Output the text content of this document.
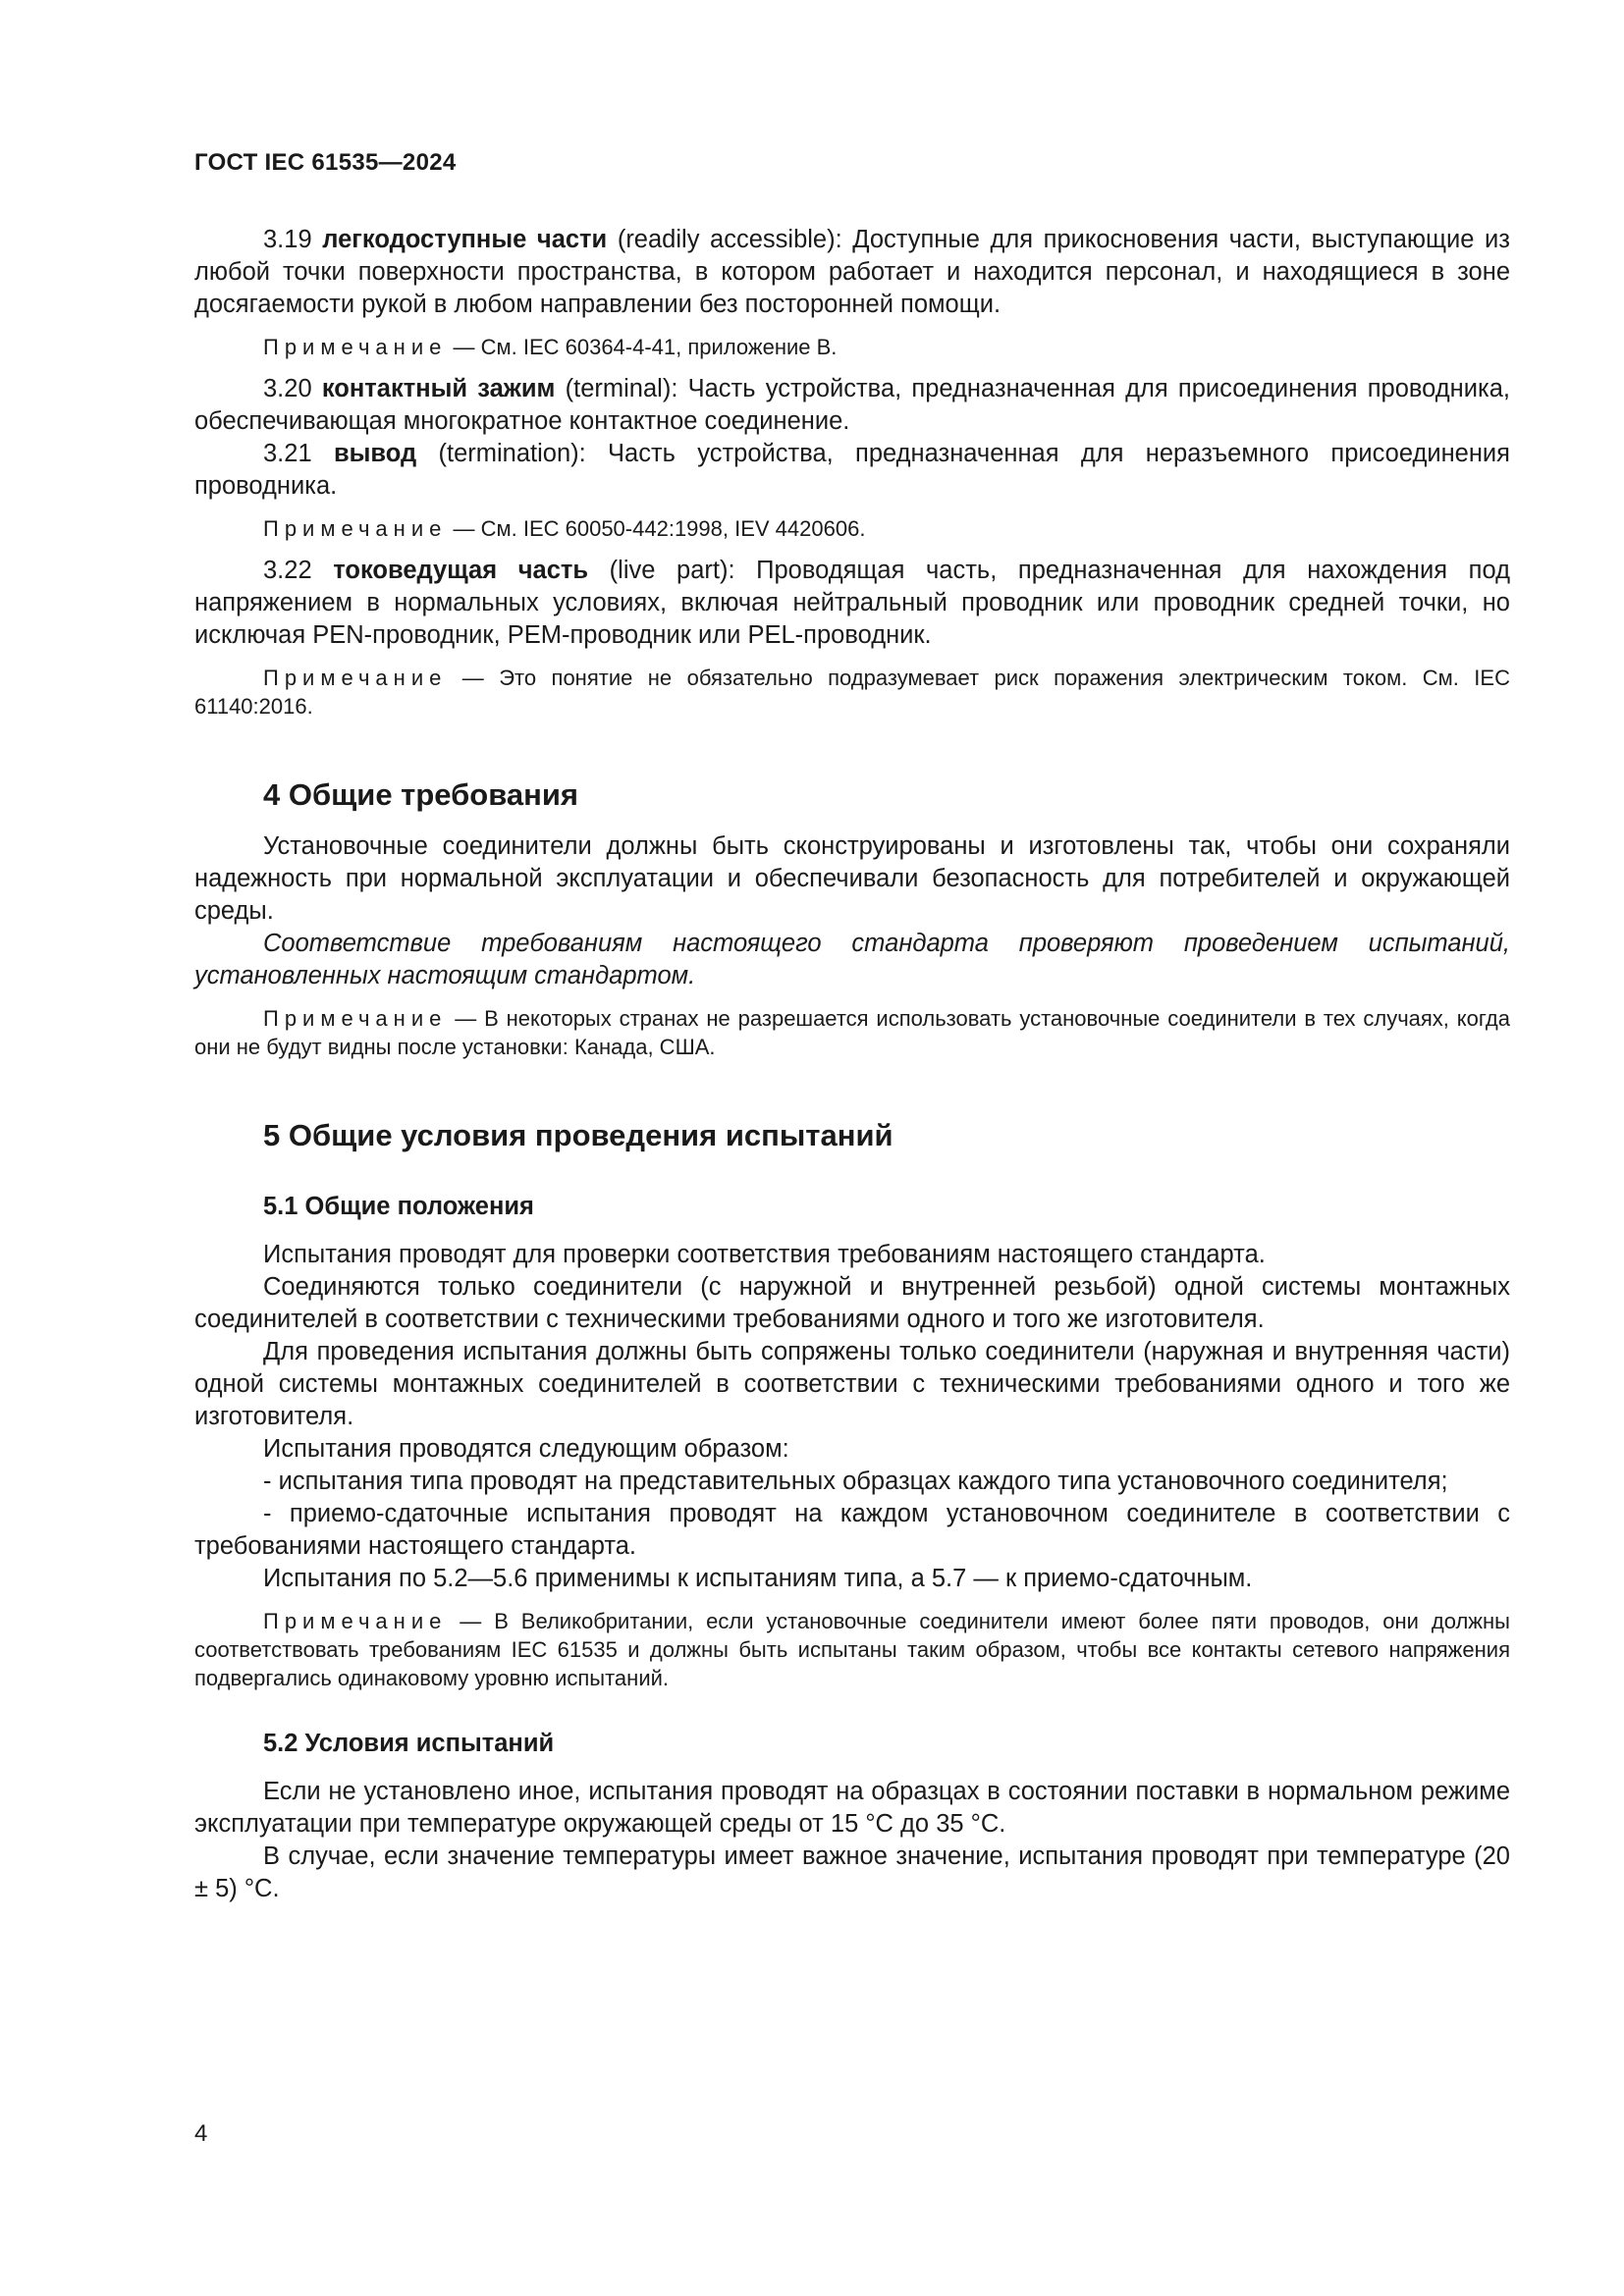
ГОСТ IEC 61535—2024

3.19 легкодоступные части (readily accessible): Доступные для прикосновения части, выступающие из любой точки поверхности пространства, в котором работает и находится персонал, и находящиеся в зоне досягаемости рукой в любом направлении без посторонней помощи.

Примечание — См. IEC 60364-4-41, приложение В.

3.20 контактный зажим (terminal): Часть устройства, предназначенная для присоединения проводника, обеспечивающая многократное контактное соединение.

3.21 вывод (termination): Часть устройства, предназначенная для неразъемного присоединения проводника.

Примечание — См. IEC 60050-442:1998, IEV 4420606.

3.22 токоведущая часть (live part): Проводящая часть, предназначенная для нахождения под напряжением в нормальных условиях, включая нейтральный проводник или проводник средней точки, но исключая PEN-проводник, PEM-проводник или PEL-проводник.

Примечание — Это понятие не обязательно подразумевает риск поражения электрическим током. См. IEC 61140:2016.

4 Общие требования

Установочные соединители должны быть сконструированы и изготовлены так, чтобы они сохраняли надежность при нормальной эксплуатации и обеспечивали безопасность для потребителей и окружающей среды.

Соответствие требованиям настоящего стандарта проверяют проведением испытаний, установленных настоящим стандартом.

Примечание — В некоторых странах не разрешается использовать установочные соединители в тех случаях, когда они не будут видны после установки: Канада, США.

5 Общие условия проведения испытаний
5.1 Общие положения

Испытания проводят для проверки соответствия требованиям настоящего стандарта.

Соединяются только соединители (с наружной и внутренней резьбой) одной системы монтажных соединителей в соответствии с техническими требованиями одного и того же изготовителя.

Для проведения испытания должны быть сопряжены только соединители (наружная и внутренняя части) одной системы монтажных соединителей в соответствии с техническими требованиями одного и того же изготовителя.

Испытания проводятся следующим образом:

- испытания типа проводят на представительных образцах каждого типа установочного соединителя;

- приемо-сдаточные испытания проводят на каждом установочном соединителе в соответствии с требованиями настоящего стандарта.

Испытания по 5.2—5.6 применимы к испытаниям типа, а 5.7 — к приемо-сдаточным.

Примечание — В Великобритании, если установочные соединители имеют более пяти проводов, они должны соответствовать требованиям IEC 61535 и должны быть испытаны таким образом, чтобы все контакты сетевого напряжения подвергались одинаковому уровню испытаний.

5.2 Условия испытаний

Если не установлено иное, испытания проводят на образцах в состоянии поставки в нормальном режиме эксплуатации при температуре окружающей среды от 15 °С до 35 °С.

В случае, если значение температуры имеет важное значение, испытания проводят при температуре (20 ± 5) °С.

4
